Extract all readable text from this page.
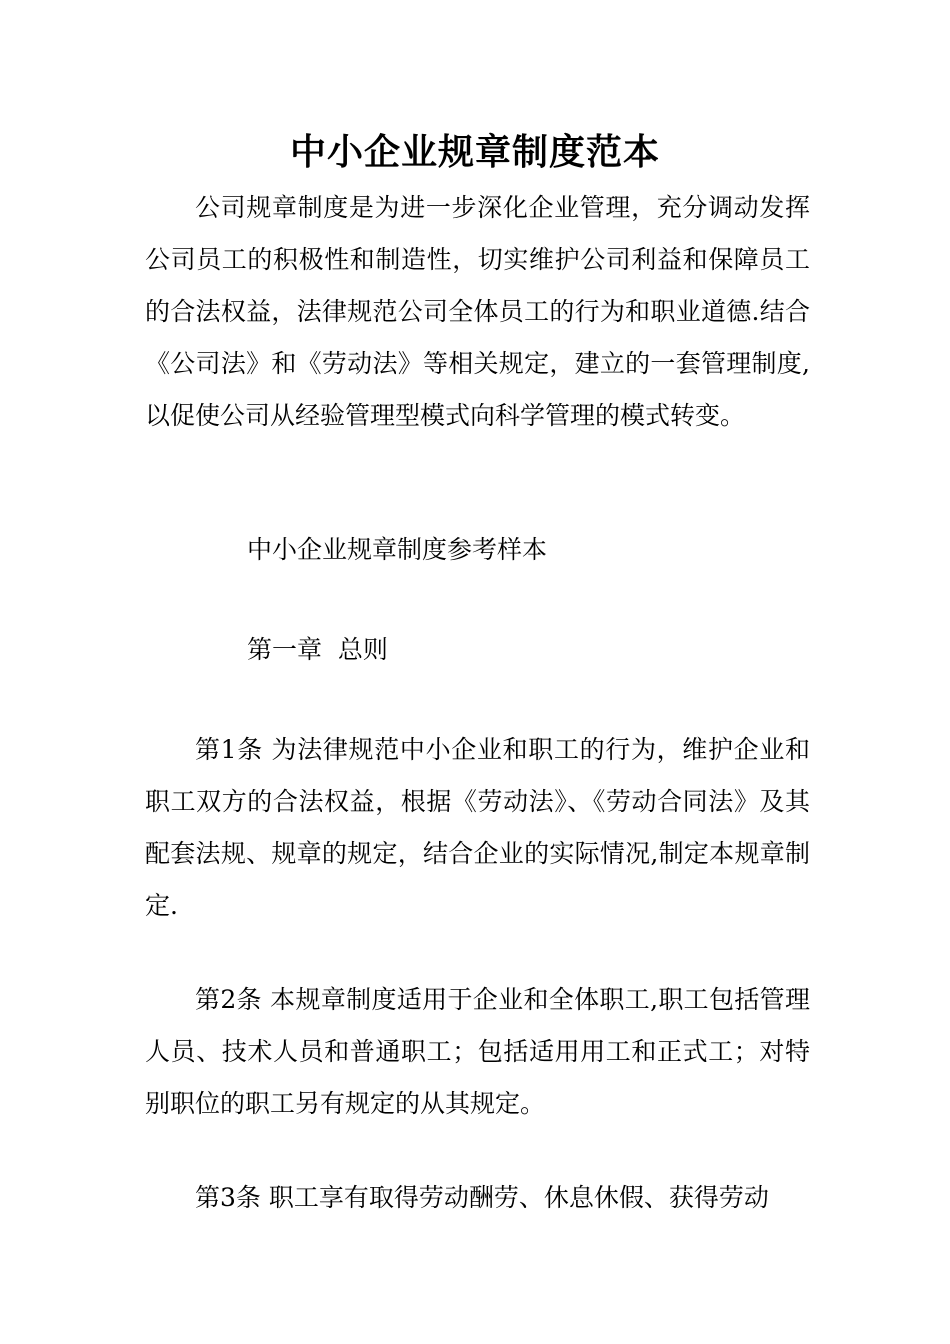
中小企业规章制度范本

公司规章制度是为进一步深化企业管理，充分调动发挥公司员工的积极性和制造性，切实维护公司利益和保障员工的合法权益，法律规范公司全体员工的行为和职业道德.结合《公司法》和《劳动法》等相关规定，建立的一套管理制度,以促使公司从经验管理型模式向科学管理的模式转变。

中小企业规章制度参考样本

第一章  总则

第1条 为法律规范中小企业和职工的行为，维护企业和职工双方的合法权益，根据《劳动法》、《劳动合同法》及其配套法规、规章的规定，结合企业的实际情况,制定本规章制定.

第2条 本规章制度适用于企业和全体职工,职工包括管理人员、技术人员和普通职工；包括适用用工和正式工；对特别职位的职工另有规定的从其规定。

第3条 职工享有取得劳动酬劳、休息休假、获得劳动
